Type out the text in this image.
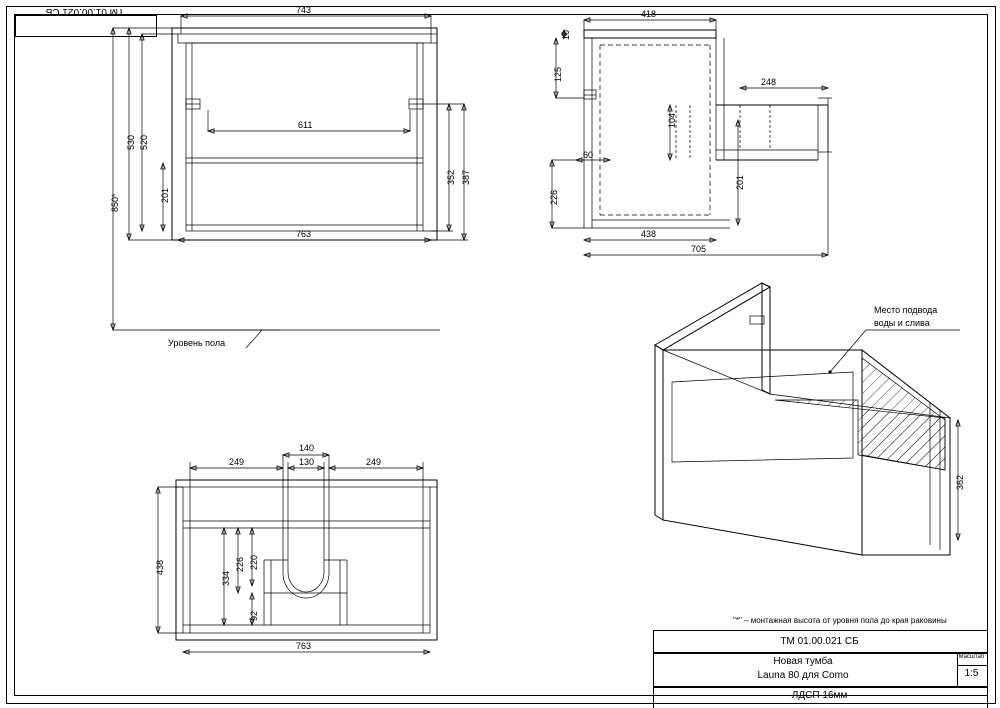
ТМ 01.00.021 СБ	743
763
611
530 520
850*	201
352 387
Уровень пола
418
248
10
125
104
60
226
201
438
705
249
140
130	249
438
334
226 220
92
763
Место подвода
воды и слива
362
"*" – монтажная высота от уровня пола до края раковины
ТМ 01.00.021 СБ
Масштаб
1:5
Новая тумба
Launa 80 для Como
ЛДСП 16мм
